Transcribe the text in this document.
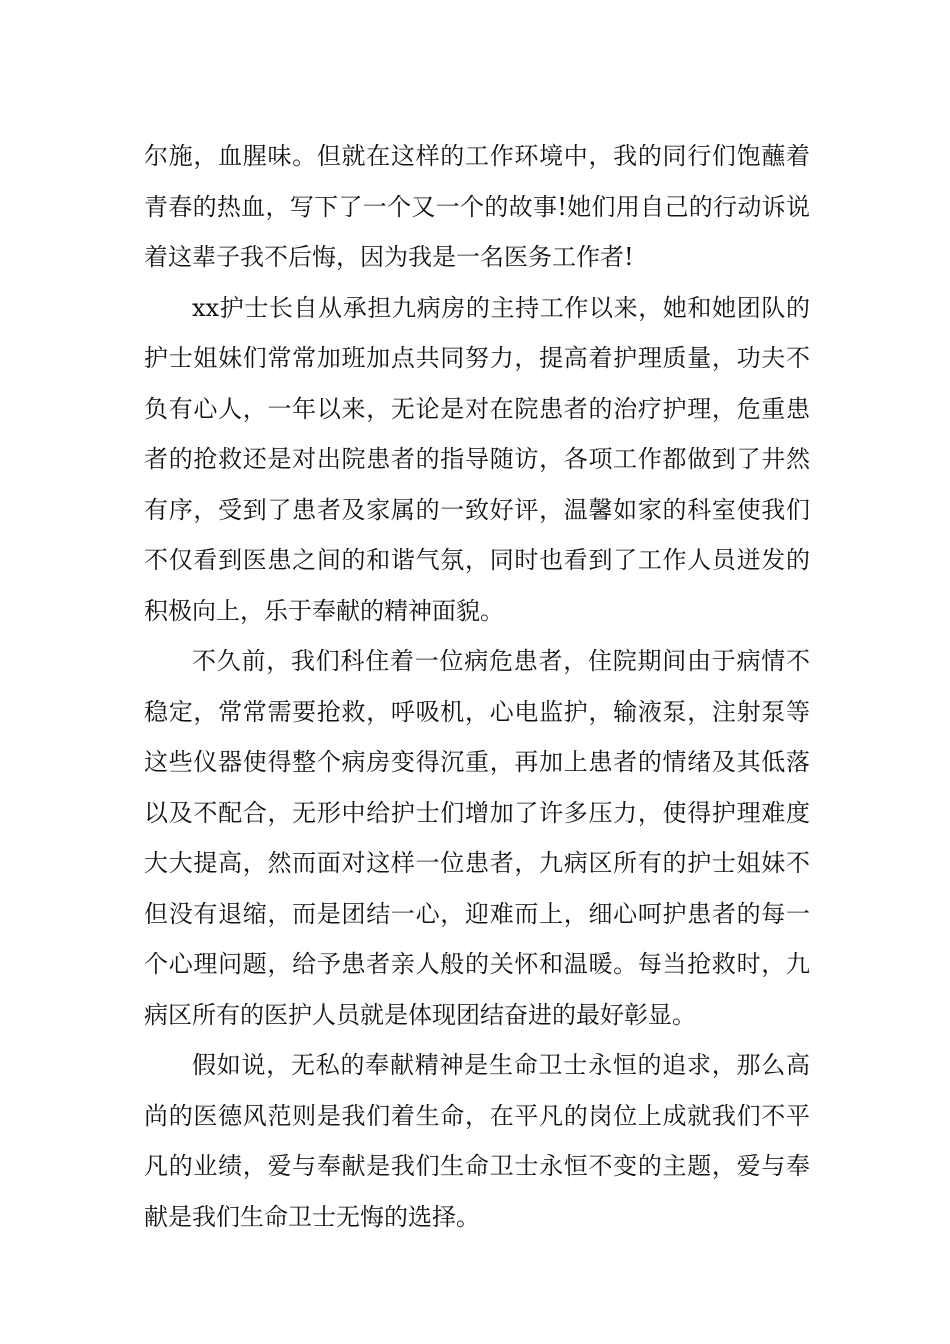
尔施，血腥味。但就在这样的工作环境中，我的同行们饱蘸着青春的热血，写下了一个又一个的故事!她们用自己的行动诉说着这辈子我不后悔，因为我是一名医务工作者!

xx护士长自从承担九病房的主持工作以来，她和她团队的护士姐妹们常常加班加点共同努力，提高着护理质量，功夫不负有心人，一年以来，无论是对在院患者的治疗护理，危重患者的抢救还是对出院患者的指导随访，各项工作都做到了井然有序，受到了患者及家属的一致好评，温馨如家的科室使我们不仅看到医患之间的和谐气氛，同时也看到了工作人员迸发的积极向上，乐于奉献的精神面貌。

不久前，我们科住着一位病危患者，住院期间由于病情不稳定，常常需要抢救，呼吸机，心电监护，输液泵，注射泵等这些仪器使得整个病房变得沉重，再加上患者的情绪及其低落以及不配合，无形中给护士们增加了许多压力，使得护理难度大大提高，然而面对这样一位患者，九病区所有的护士姐妹不但没有退缩，而是团结一心，迎难而上，细心呵护患者的每一个心理问题，给予患者亲人般的关怀和温暖。每当抢救时，九病区所有的医护人员就是体现团结奋进的最好彰显。

假如说，无私的奉献精神是生命卫士永恒的追求，那么高尚的医德风范则是我们着生命，在平凡的岗位上成就我们不平凡的业绩，爱与奉献是我们生命卫士永恒不变的主题，爱与奉献是我们生命卫士无悔的选择。
